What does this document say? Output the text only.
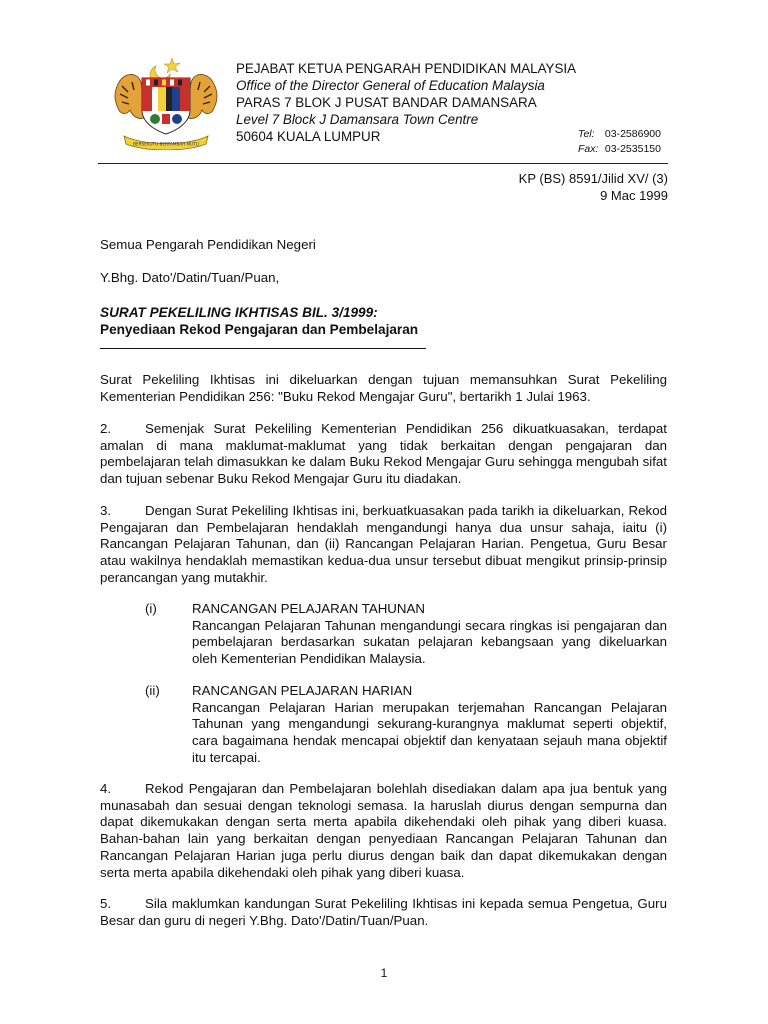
BERSEKUTU BERTAMBAH MUTU
PEJABAT KETUA PENGARAH PENDIDIKAN MALAYSIA
Office of the Director General of Education Malaysia
PARAS 7 BLOK J PUSAT BANDAR DAMANSARA
Level 7 Block J Damansara Town Centre
50604 KUALA LUMPUR	Tel: 03-2586900
Fax: 03-2535150
KP (BS) 8591/Jilid XV/ (3)
9 Mac 1999
Semua Pengarah Pendidikan Negeri
Y.Bhg. Dato'/Datin/Tuan/Puan,
SURAT PEKELILING IKHTISAS BIL. 3/1999:
Penyediaan Rekod Pengajaran dan Pembelajaran
Surat Pekeliling Ikhtisas ini dikeluarkan dengan tujuan memansuhkan Surat Pekeliling Kementerian Pendidikan 256: "Buku Rekod Mengajar Guru", bertarikh 1 Julai 1963.
2.	Semenjak Surat Pekeliling Kementerian Pendidikan 256 dikuatkuasakan, terdapat amalan di mana maklumat-maklumat yang tidak berkaitan dengan pengajaran dan pembelajaran telah dimasukkan ke dalam Buku Rekod Mengajar Guru sehingga mengubah sifat dan tujuan sebenar Buku Rekod Mengajar Guru itu diadakan.
3.	Dengan Surat Pekeliling Ikhtisas ini, berkuatkuasakan pada tarikh ia dikeluarkan, Rekod Pengajaran dan Pembelajaran hendaklah mengandungi hanya dua unsur sahaja, iaitu (i) Rancangan Pelajaran Tahunan, dan (ii) Rancangan Pelajaran Harian. Pengetua, Guru Besar atau wakilnya hendaklah memastikan kedua-dua unsur tersebut dibuat mengikut prinsip-prinsip perancangan yang mutakhir.
(i)	RANCANGAN PELAJARAN TAHUNAN
Rancangan Pelajaran Tahunan mengandungi secara ringkas isi pengajaran dan pembelajaran berdasarkan sukatan pelajaran kebangsaan yang dikeluarkan oleh Kementerian Pendidikan Malaysia.
(ii) RANCANGAN PELAJARAN HARIAN
Rancangan Pelajaran Harian merupakan terjemahan Rancangan Pelajaran Tahunan yang mengandungi sekurang-kurangnya maklumat seperti objektif, cara bagaimana hendak mencapai objektif dan kenyataan sejauh mana objektif itu tercapai.
4.	Rekod Pengajaran dan Pembelajaran bolehlah disediakan dalam apa jua bentuk yang munasabah dan sesuai dengan teknologi semasa. Ia haruslah diurus dengan sempurna dan dapat dikemukakan dengan serta merta apabila dikehendaki oleh pihak yang diberi kuasa. Bahan-bahan lain yang berkaitan dengan penyediaan Rancangan Pelajaran Tahunan dan Rancangan Pelajaran Harian juga perlu diurus dengan baik dan dapat dikemukakan dengan serta merta apabila dikehendaki oleh pihak yang diberi kuasa.
5.	Sila maklumkan kandungan Surat Pekeliling Ikhtisas ini kepada semua Pengetua, Guru Besar dan guru di negeri Y.Bhg. Dato'/Datin/Tuan/Puan.
1
